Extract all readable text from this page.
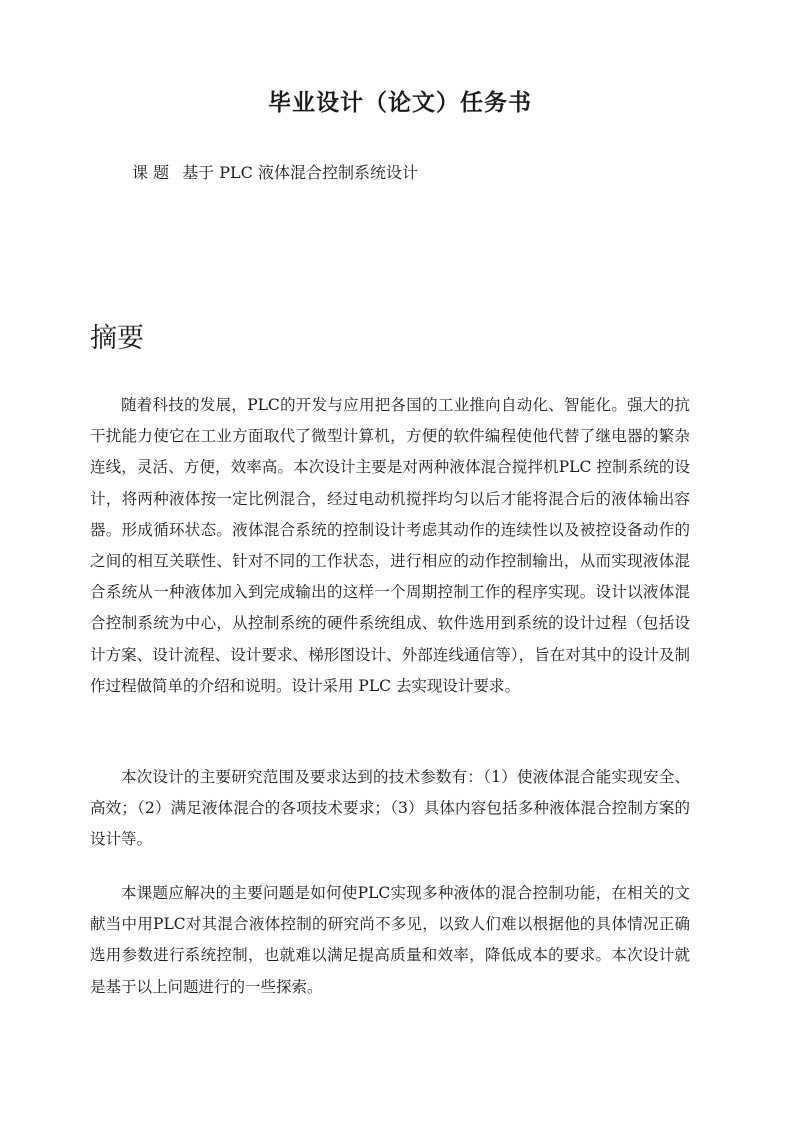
毕业设计（论文）任务书
课 题 基于 PLC 液体混合控制系统设计
摘要

随着科技的发展，PLC的开发与应用把各国的工业推向自动化、智能化。强大的抗干扰能力使它在工业方面取代了微型计算机，方便的软件编程使他代替了继电器的繁杂连线，灵活、方便，效率高。本次设计主要是对两种液体混合搅拌机PLC 控制系统的设计，将两种液体按一定比例混合，经过电动机搅拌均匀以后才能将混合后的液体输出容器。形成循环状态。液体混合系统的控制设计考虑其动作的连续性以及被控设备动作的之间的相互关联性、针对不同的工作状态，进行相应的动作控制输出，从而实现液体混合系统从一种液体加入到完成输出的这样一个周期控制工作的程序实现。设计以液体混合控制系统为中心，从控制系统的硬件系统组成、软件选用到系统的设计过程（包括设计方案、设计流程、设计要求、梯形图设计、外部连线通信等），旨在对其中的设计及制作过程做简单的介绍和说明。设计采用 PLC 去实现设计要求。

本次设计的主要研究范围及要求达到的技术参数有：（1）使液体混合能实现安全、高效；（2）满足液体混合的各项技术要求；（3）具体内容包括多种液体混合控制方案的设计等。

本课题应解决的主要问题是如何使PLC实现多种液体的混合控制功能，在相关的文献当中用PLC对其混合液体控制的研究尚不多见，以致人们难以根据他的具体情况正确选用参数进行系统控制，也就难以满足提高质量和效率，降低成本的要求。本次设计就是基于以上问题进行的一些探索。
